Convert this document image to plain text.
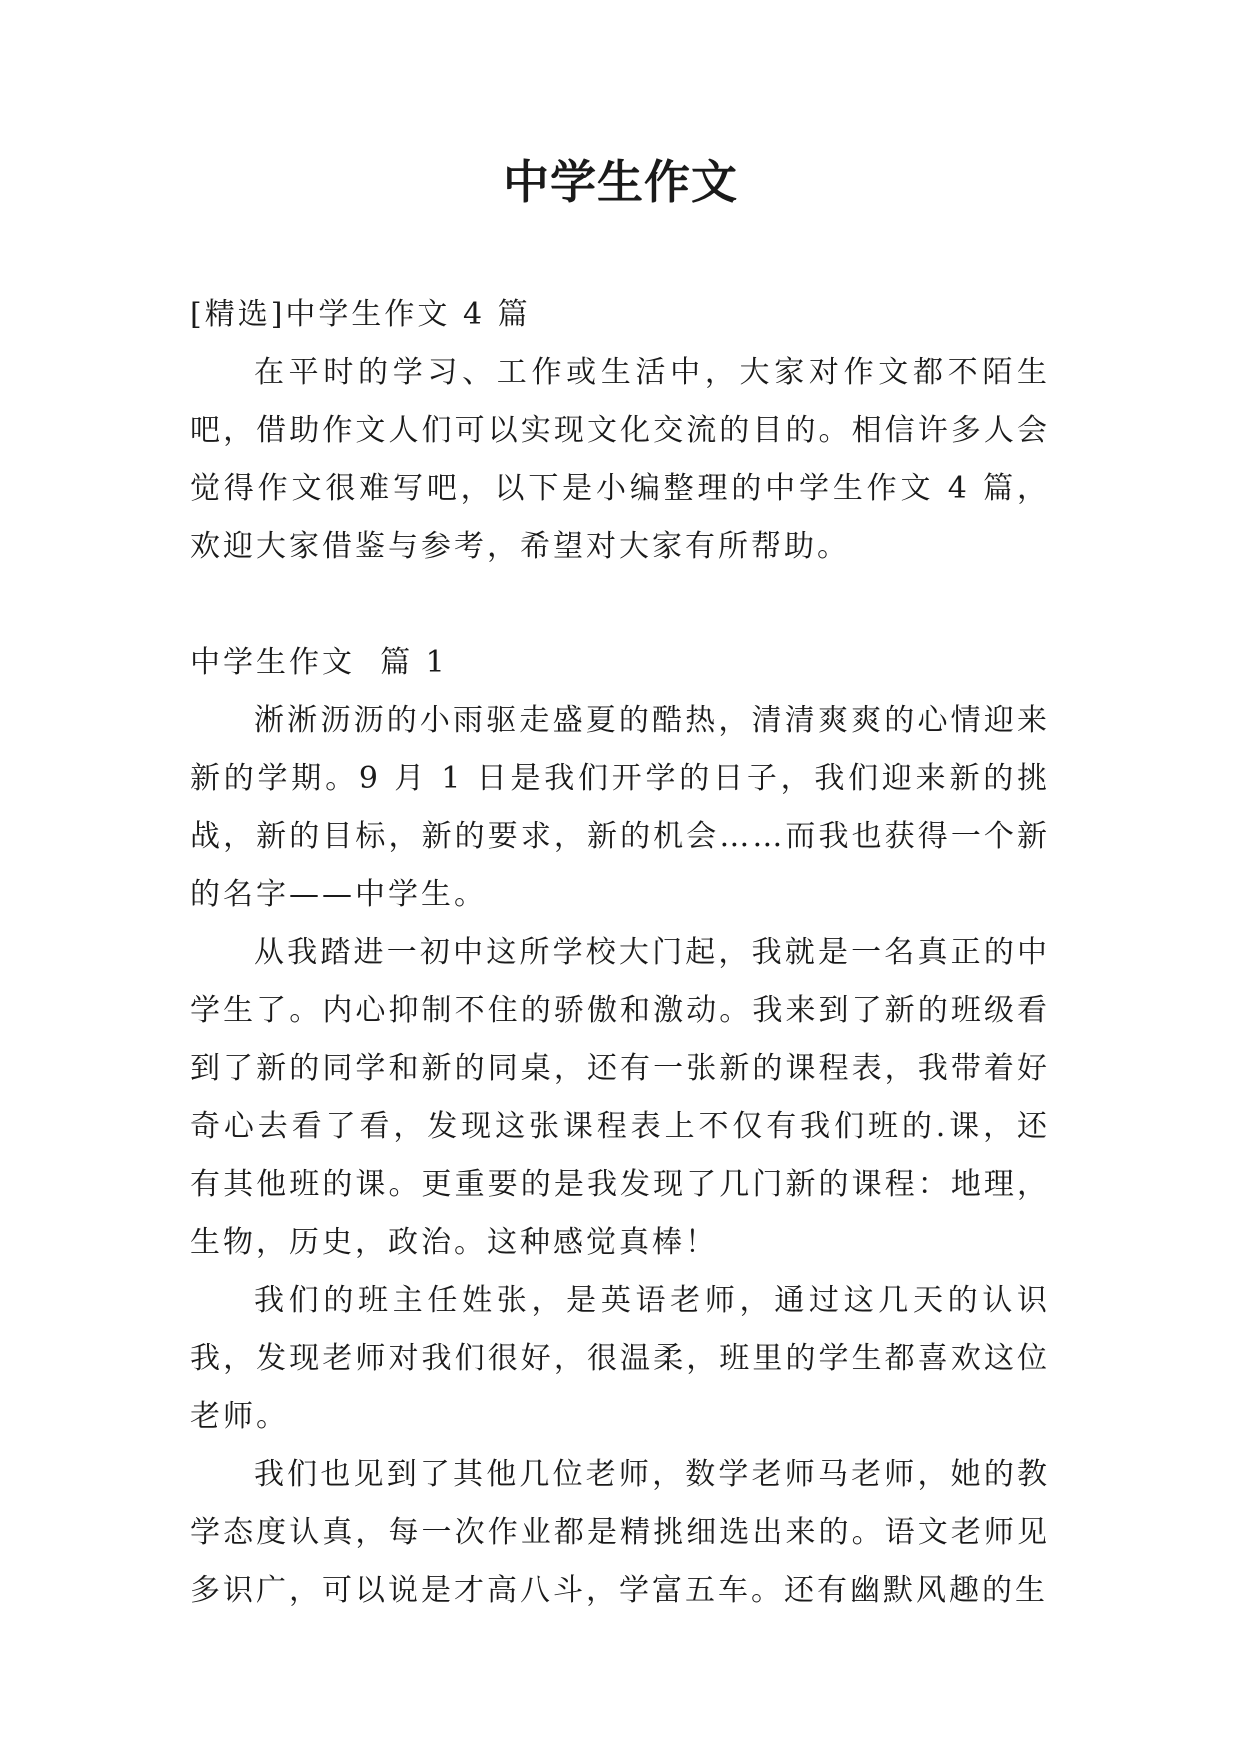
中学生作文
[精选]中学生作文 4 篇

在平时的学习、工作或生活中，大家对作文都不陌生吧，借助作文人们可以实现文化交流的目的。相信许多人会觉得作文很难写吧，以下是小编整理的中学生作文 4 篇，欢迎大家借鉴与参考，希望对大家有所帮助。

中学生作文  篇 1

淅淅沥沥的小雨驱走盛夏的酷热，清清爽爽的心情迎来新的学期。9 月 1 日是我们开学的日子，我们迎来新的挑战，新的目标，新的要求，新的机会……而我也获得一个新的名字——中学生。

从我踏进一初中这所学校大门起，我就是一名真正的中学生了。内心抑制不住的骄傲和激动。我来到了新的班级看到了新的同学和新的同桌，还有一张新的课程表，我带着好奇心去看了看，发现这张课程表上不仅有我们班的.课，还有其他班的课。更重要的是我发现了几门新的课程：地理，生物，历史，政治。这种感觉真棒！

我们的班主任姓张，是英语老师，通过这几天的认识我，发现老师对我们很好，很温柔，班里的学生都喜欢这位老师。

我们也见到了其他几位老师，数学老师马老师，她的教学态度认真，每一次作业都是精挑细选出来的。语文老师见多识广，可以说是才高八斗，学富五车。还有幽默风趣的生
